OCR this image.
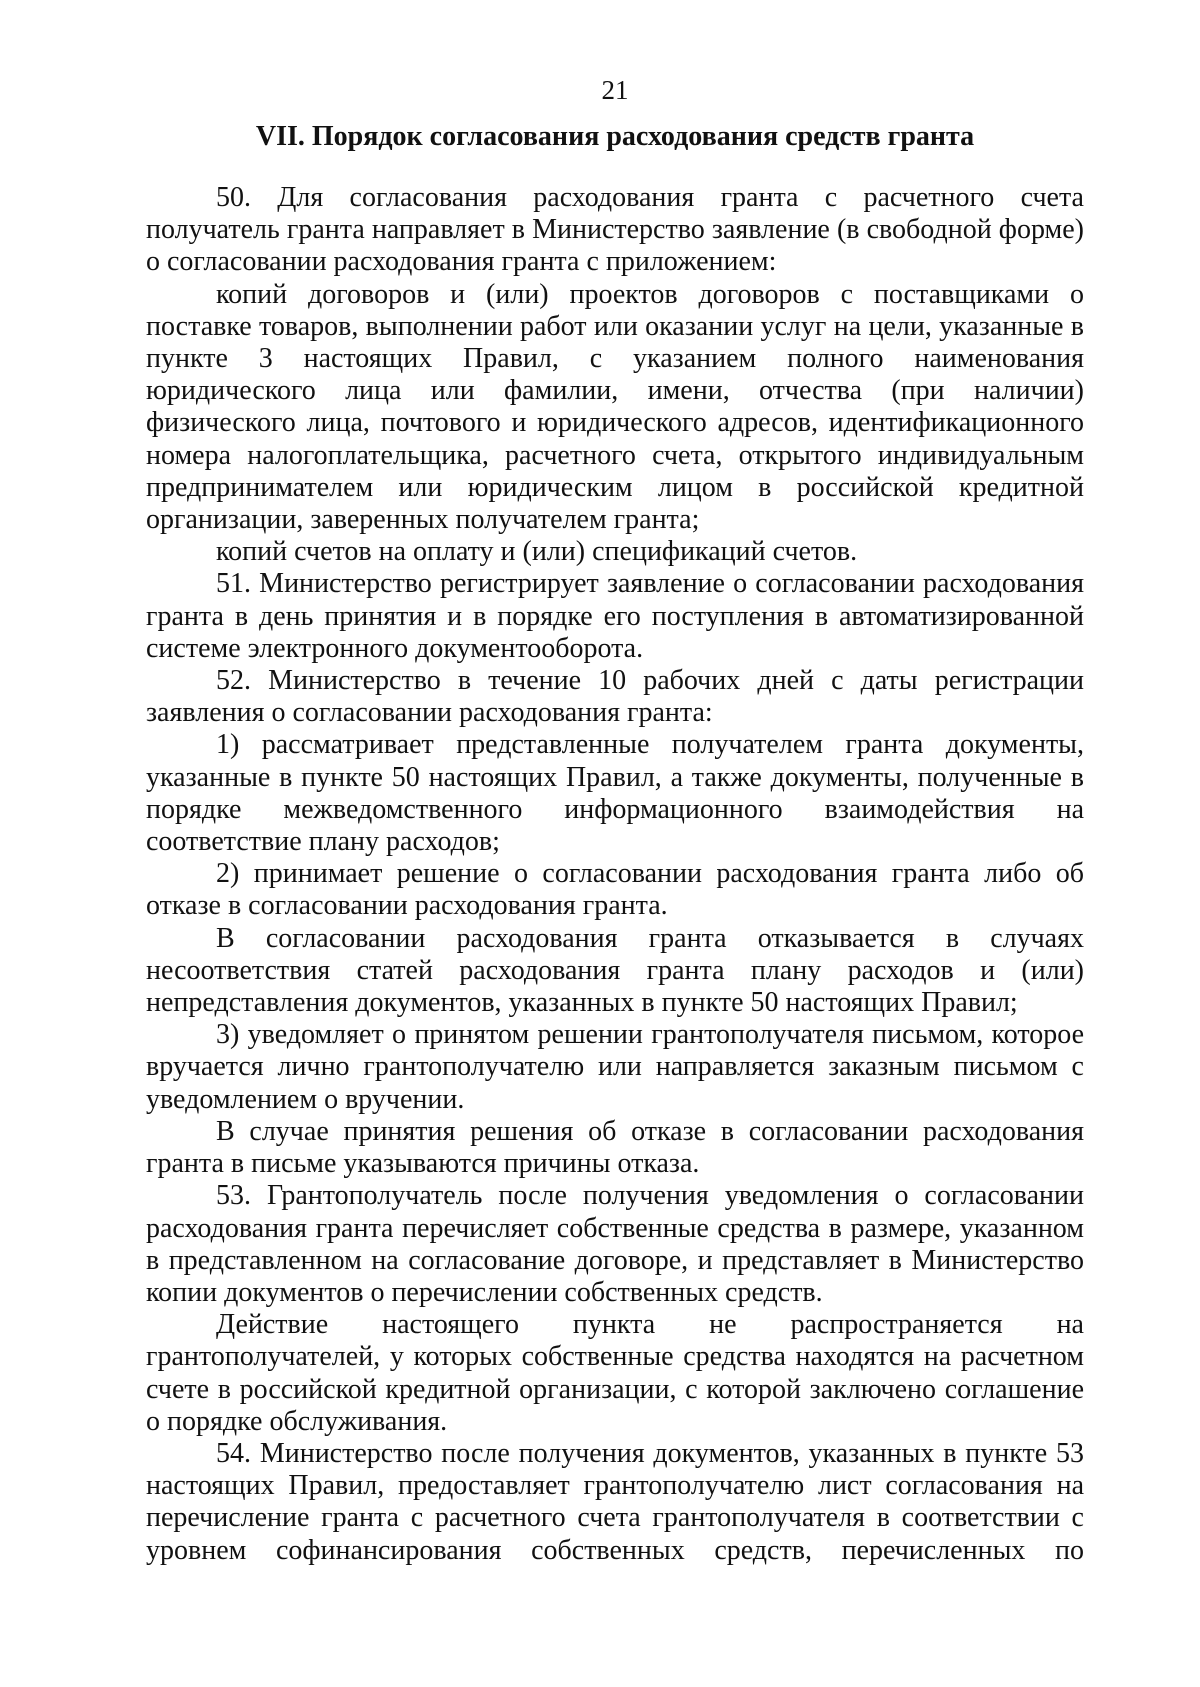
21
VII. Порядок согласования расходования средств гранта

50. Для согласования расходования гранта с расчетного счета получатель гранта направляет в Министерство заявление (в свободной форме) о согласовании расходования гранта с приложением:

копий договоров и (или) проектов договоров с поставщиками о поставке товаров, выполнении работ или оказании услуг на цели, указанные в пункте 3 настоящих Правил, с указанием полного наименования юридического лица или фамилии, имени, отчества (при наличии) физического лица, почтового и юридического адресов, идентификационного номера налогоплательщика, расчетного счета, открытого индивидуальным предпринимателем или юридическим лицом в российской кредитной организации, заверенных получателем гранта;

копий счетов на оплату и (или) спецификаций счетов.

51. Министерство регистрирует заявление о согласовании расходования гранта в день принятия и в порядке его поступления в автоматизированной системе электронного документооборота.

52. Министерство в течение 10 рабочих дней с даты регистрации заявления о согласовании расходования гранта:

1) рассматривает представленные получателем гранта документы, указанные в пункте 50 настоящих Правил, а также документы, полученные в порядке межведомственного информационного взаимодействия на соответствие плану расходов;

2) принимает решение о согласовании расходования гранта либо об отказе в согласовании расходования гранта.

В согласовании расходования гранта отказывается в случаях несоответствия статей расходования гранта плану расходов и (или) непредставления документов, указанных в пункте 50 настоящих Правил;

3) уведомляет о принятом решении грантополучателя письмом, которое вручается лично грантополучателю или направляется заказным письмом с уведомлением о вручении.

В случае принятия решения об отказе в согласовании расходования гранта в письме указываются причины отказа.

53. Грантополучатель после получения уведомления о согласовании расходования гранта перечисляет собственные средства в размере, указанном в представленном на согласование договоре, и представляет в Министерство копии документов о перечислении собственных средств.

Действие настоящего пункта не распространяется на грантополучателей, у которых собственные средства находятся на расчетном счете в российской кредитной организации, с которой заключено соглашение о порядке обслуживания.

54. Министерство после получения документов, указанных в пункте 53 настоящих Правил, предоставляет грантополучателю лист согласования на перечисление гранта с расчетного счета грантополучателя в соответствии с уровнем софинансирования собственных средств, перечисленных по
